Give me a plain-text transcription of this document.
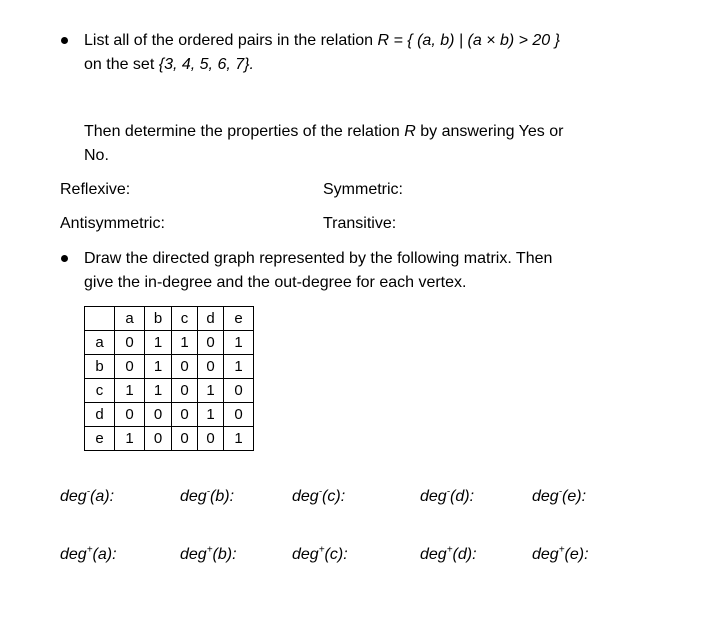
List all of the ordered pairs in the relation R = { (a, b) | (a × b) > 20 }
on the set {3, 4, 5, 6, 7}.
Then determine the properties of the relation R by answering Yes or
No.
Reflexive:	Symmetric:
Antisymmetric:	Transitive:
Draw the directed graph represented by the following matrix. Then
give the in-degree and the out-degree for each vertex.
	a	b	c	d	e
a	0	1	1	0	1
b	0	1	0	0	1
c	1	1	0	1	0
d	0	0	0	1	0
e	1	0	0	0	1
deg-(a):	deg-(b):	deg-(c):	deg-(d):	deg-(e):
deg+(a):	deg+(b):	deg+(c):	deg+(d):	deg+(e):
